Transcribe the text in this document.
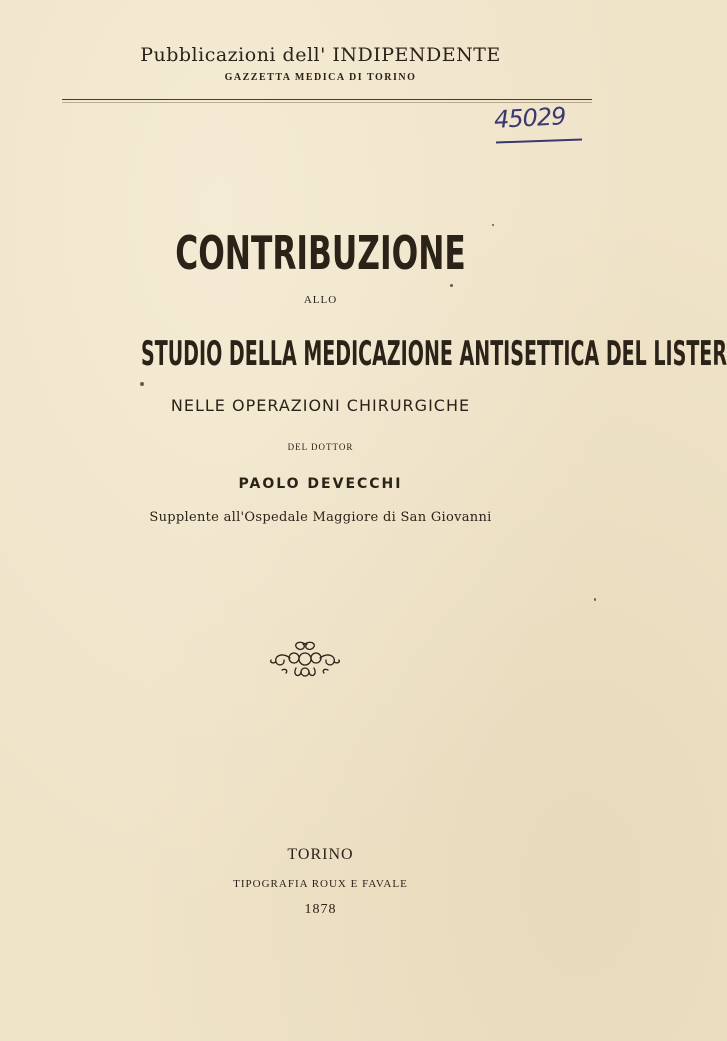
Pubblicazioni dell' INDIPENDENTE
GAZZETTA MEDICA DI TORINO
45029
CONTRIBUZIONE
ALLO
STUDIO DELLA MEDICAZIONE ANTISETTICA DEL LISTER
NELLE OPERAZIONI CHIRURGICHE
DEL DOTTOR
PAOLO DEVECCHI
Supplente all'Ospedale Maggiore di San Giovanni
TORINO
TIPOGRAFIA ROUX E FAVALE
1878
